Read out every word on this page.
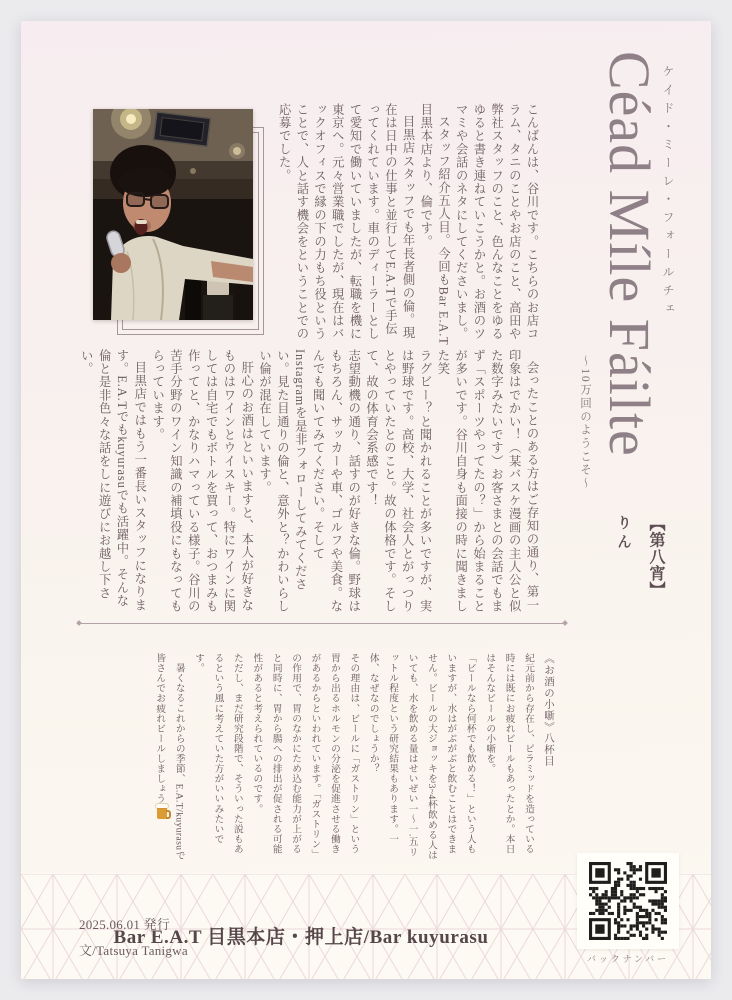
ケイド・ミーレ・フォールチェ
Céad Míle Fáilte
〜10万回のようこそ〜

【第八宵】

りん

こんばんは、谷川です。こちらのお店コラム、タニのことやお店のこと、高田や弊社スタッフのこと、色んなことをゆるゆると書き連ねていこうかと。お酒のツマミや会話のネタにしてくださいまし。

スタッフ紹介五人目。今回もBar E.A.T目黒本店より、倫です。

目黒店スタッフでも年長者側の倫。現在は日中の仕事と並行してE.A.Tで手伝ってくれています。車のディーラーとして愛知で働いていましたが、転職を機に東京へ。元々営業職でしたが、現在はバックオフィスで縁の下の力もち役ということで、人と話す機会をということでの応募でした。

会ったことのある方はご存知の通り、第一印象はでかい！（某バスケ漫画の主人公と似た数字みたいです）お客さまとの会話でもまず「スポーツやってたの？」から始まることが多いです。谷川自身も面接の時に聞きました笑

ラグビー？と聞かれることが多いですが、実は野球です。高校、大学、社会人とがっつりとやっていたとのこと。故の体格です。そして、故の体育会系感です！

志望動機の通り、話すのが好きな倫。野球はもちろん、サッカーや車、ゴルフや美食。なんでも聞いてみてください。そしてInstagramを是非フォローしてみてください。見た目通りの倫と、意外と？かわいらしい倫が混在しています。

肝心のお酒はといいますと、本人が好きなものはワインとウイスキー。特にワインに関しては自宅でもボトルを買って、おつまみも作ってと、かなりハマっている様子。谷川の苦手分野のワイン知識の補填役にもなってもらっています。

目黒店ではもう一番長いスタッフになります。E.A.Tでもkuyurasuでも活躍中。そんな倫と是非色々な話をしに遊びにお越し下さい。

《お酒の小噺》八杯目

紀元前から存在し、ピラミッドを造っている時には既にお疲れビールもあったとか。本日はそんなビールの小噺を。

「ビールなら何杯でも飲める！」という人もいますが、水はがぶがぶと飲むことはできません。ビールの大ジョッキを3~4杯飲める人はいても、水を飲める量はせいぜい一〜一.五リットル程度という研究結果もあります。一体、なぜなのでしょうか？

その理由は、ビールに「ガストリン」という胃から出るホルモンの分泌を促進させる働きがあるからといわれています。「ガストリン」の作用で、胃のなかにため込む能力が上がると同時に、胃から腸への排出が促される可能性があると考えられているのです。

ただし、まだ研究段階で、そういった説もあるという風に考えていた方がいいみたいです。

暑くなるこれからの季節、E.A.T/kuyurasuで皆さんでお疲れビールしましょう

2025.06.01 発行
文/Tatsuya Tanigwa
Bar E.A.T 目黒本店・押上店/Bar kuyurasu
バックナンバー
